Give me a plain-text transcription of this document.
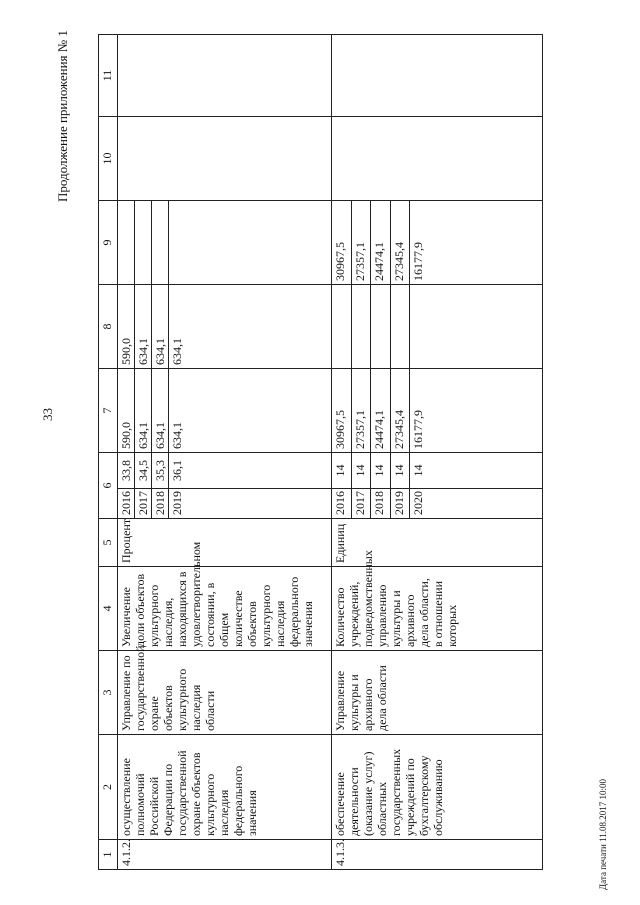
33
Продолжение приложения № 1
Дата печати 11.08.2017 10:00
1	2	3	4	5	6		7	8	9	10	11
4.1.2.	осуществление полномочий Российской Федерации по государственной охране объектов культурного наследия федерального значения	Управление по государственной охране объектов культурного наследия области	Увеличение доли объектов культурного наследия, находящихся в удовлетворительном состоянии, в общем количестве объектов культурного наследия федерального значения	Процент	2016	33,8	590,0	590,0			
					2017	34,5	634,1	634,1			
					2018	35,3	634,1	634,1			
					2019	36,1	634,1	634,1			
4.1.3.	обеспечение деятельности (оказание услуг) областных государственных учреждений по бухгалтерскому обслуживанию	Управление культуры и архивного дела области	Количество учреждений, подведомственных управлению культуры и архивного дела области, в отношении которых	Единиц	2016	14	30967,5		30967,5		
					2017	14	27357,1		27357,1		
					2018	14	24474,1		24474,1		
					2019	14	27345,4		27345,4		
					2020	14	16177,9		16177,9		
